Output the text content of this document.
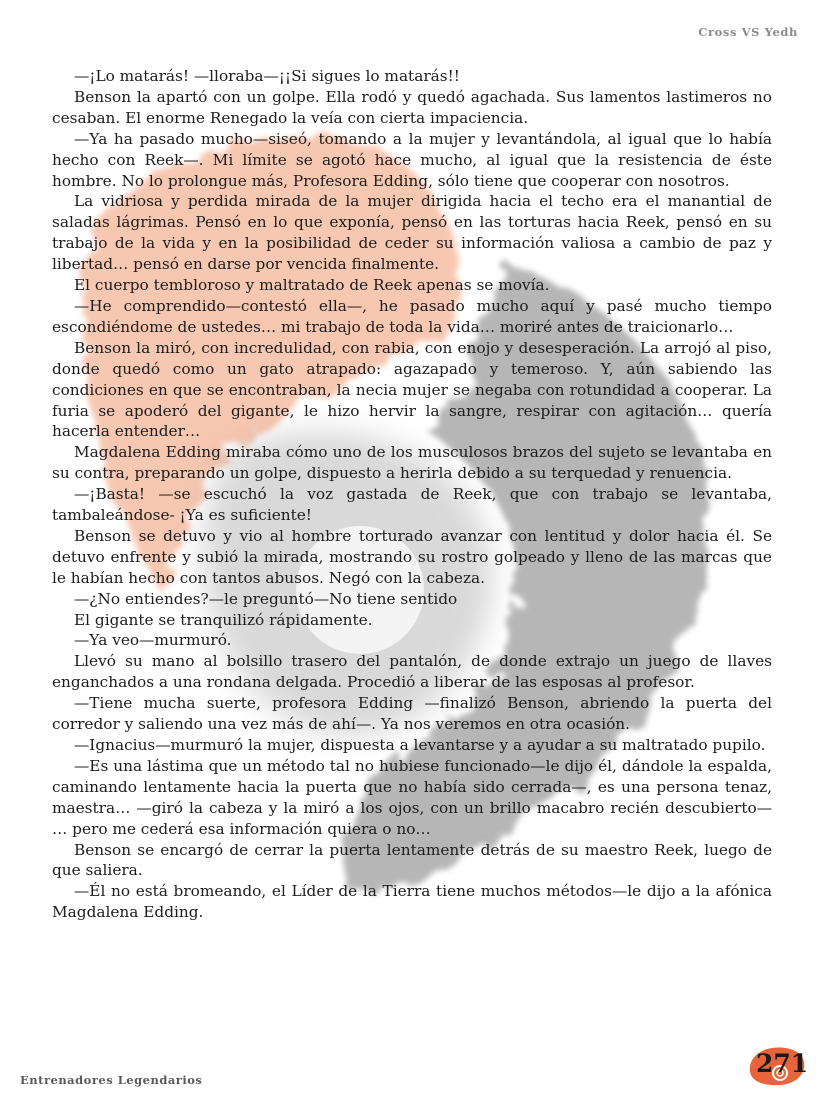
Cross VS Yedh

—¡Lo matarás! —lloraba—¡¡Si sigues lo matarás!!

Benson la apartó con un golpe. Ella rodó y quedó agachada. Sus lamentos lastimeros no cesaban. El enorme Renegado la veía con cierta impaciencia.

—Ya ha pasado mucho—siseó, tomando a la mujer y levantándola, al igual que lo había hecho con Reek—. Mi límite se agotó hace mucho, al igual que la resistencia de éste hombre. No lo prolongue más, Profesora Edding, sólo tiene que cooperar con nosotros.

La vidriosa y perdida mirada de la mujer dirigida hacia el techo era el manantial de saladas lágrimas. Pensó en lo que exponía, pensó en las torturas hacia Reek, pensó en su trabajo de la vida y en la posibilidad de ceder su información valiosa a cambio de paz y libertad… pensó en darse por vencida finalmente.

El cuerpo tembloroso y maltratado de Reek apenas se movía.

—He comprendido—contestó ella—, he pasado mucho aquí y pasé mucho tiempo escondiéndome de ustedes… mi trabajo de toda la vida… moriré antes de traicionarlo…

Benson la miró, con incredulidad, con rabia, con enojo y desesperación. La arrojó al piso, donde quedó como un gato atrapado: agazapado y temeroso. Y, aún sabiendo las condiciones en que se encontraban, la necia mujer se negaba con rotundidad a cooperar. La furia se apoderó del gigante, le hizo hervir la sangre, respirar con agitación… quería hacerla entender…

Magdalena Edding miraba cómo uno de los musculosos brazos del sujeto se levantaba en su contra, preparando un golpe, dispuesto a herirla debido a su terquedad y renuencia.

—¡Basta! —se escuchó la voz gastada de Reek, que con trabajo se levantaba, tambaleándose- ¡Ya es suficiente!

Benson se detuvo y vio al hombre torturado avanzar con lentitud y dolor hacia él. Se detuvo enfrente y subió la mirada, mostrando su rostro golpeado y lleno de las marcas que le habían hecho con tantos abusos. Negó con la cabeza.

—¿No entiendes?—le preguntó—No tiene sentido

El gigante se tranquilizó rápidamente.

—Ya veo—murmuró.

Llevó su mano al bolsillo trasero del pantalón, de donde extrajo un juego de llaves enganchados a una rondana delgada. Procedió a liberar de las esposas al profesor.

—Tiene mucha suerte, profesora Edding —finalizó Benson, abriendo la puerta del corredor y saliendo una vez más de ahí—. Ya nos veremos en otra ocasión.

—Ignacius—murmuró la mujer, dispuesta a levantarse y a ayudar a su maltratado pupilo.

—Es una lástima que un método tal no hubiese funcionado—le dijo él, dándole la espalda, caminando lentamente hacia la puerta que no había sido cerrada—, es una persona tenaz, maestra… —giró la cabeza y la miró a los ojos, con un brillo macabro recién descubierto— … pero me cederá esa información quiera o no…

Benson se encargó de cerrar la puerta lentamente detrás de su maestro Reek, luego de que saliera.

—Él no está bromeando, el Líder de la Tierra tiene muchos métodos—le dijo a la afónica Magdalena Edding.

Entrenadores Legendarios
271
